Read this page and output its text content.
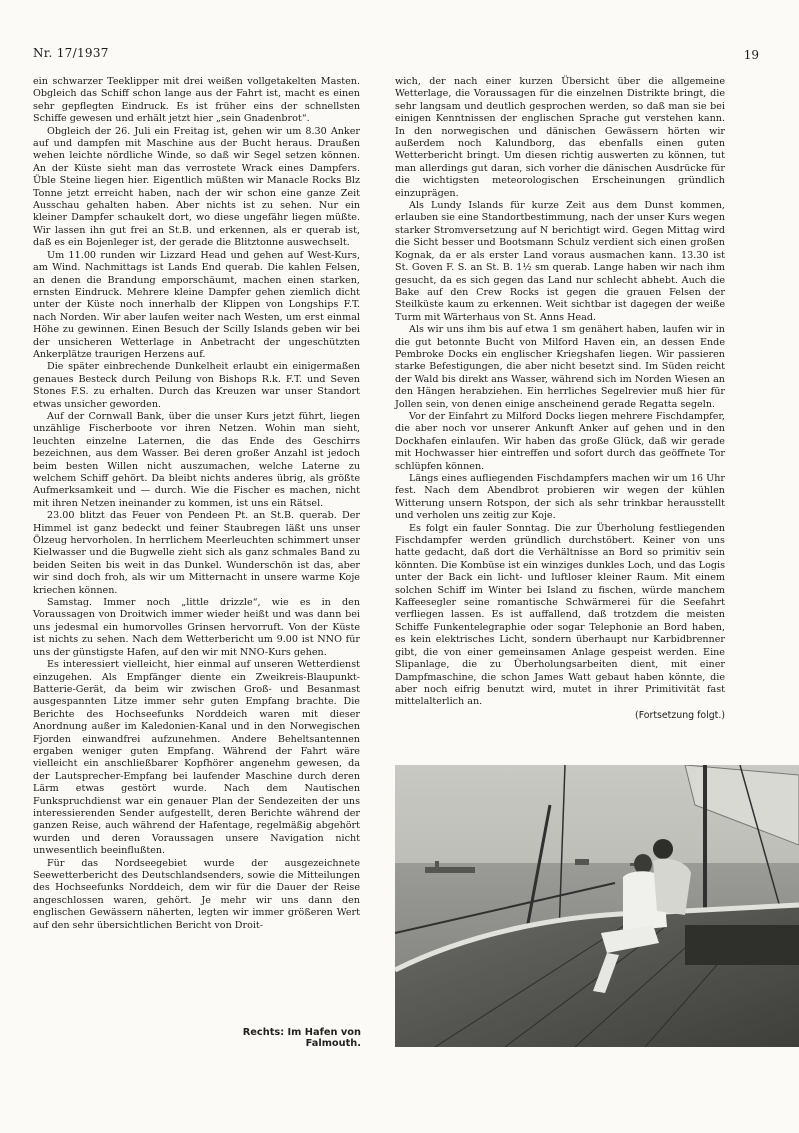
Nr. 17/1937	19

ein schwarzer Teeklipper mit drei weißen vollgetakelten Masten. Obgleich das Schiff schon lange aus der Fahrt ist, macht es einen sehr gepflegten Eindruck. Es ist früher eins der schnellsten Schiffe gewesen und erhält jetzt hier „sein Gnadenbrot“.

Obgleich der 26. Juli ein Freitag ist, gehen wir um 8.30 Anker auf und dampfen mit Maschine aus der Bucht heraus. Draußen wehen leichte nördliche Winde, so daß wir Segel setzen können. An der Küste sieht man das verrostete Wrack eines Dampfers. Üble Steine liegen hier. Eigentlich müßten wir Manacle Rocks Blz Tonne jetzt erreicht haben, nach der wir schon eine ganze Zeit Ausschau gehalten haben. Aber nichts ist zu sehen. Nur ein kleiner Dampfer schaukelt dort, wo diese ungefähr liegen müßte. Wir lassen ihn gut frei an St.B. und erkennen, als er querab ist, daß es ein Bojenleger ist, der gerade die Blitztonne auswechselt.

Um 11.00 runden wir Lizzard Head und gehen auf West-Kurs, am Wind. Nachmittags ist Lands End querab. Die kahlen Felsen, an denen die Brandung emporschäumt, machen einen starken, ernsten Eindruck. Mehrere kleine Dampfer gehen ziemlich dicht unter der Küste noch innerhalb der Klippen von Longships F.T. nach Norden. Wir aber laufen weiter nach Westen, um erst einmal Höhe zu gewinnen. Einen Besuch der Scilly Islands geben wir bei der unsicheren Wetterlage in Anbetracht der ungeschützten Ankerplätze traurigen Herzens auf.

Die später einbrechende Dunkelheit erlaubt ein einigermaßen genaues Besteck durch Peilung von Bishops R.k. F.T. und Seven Stones F.S. zu erhalten. Durch das Kreuzen war unser Standort etwas unsicher geworden.

Auf der Cornwall Bank, über die unser Kurs jetzt führt, liegen unzählige Fischerboote vor ihren Netzen. Wohin man sieht, leuchten einzelne Laternen, die das Ende des Geschirrs bezeichnen, aus dem Wasser. Bei deren großer Anzahl ist jedoch beim besten Willen nicht auszumachen, welche Laterne zu welchem Schiff gehört. Da bleibt nichts anderes übrig, als größte Aufmerksamkeit und — durch. Wie die Fischer es machen, nicht mit ihren Netzen ineinander zu kommen, ist uns ein Rätsel.

23.00 blitzt das Feuer von Pendeen Pt. an St.B. querab. Der Himmel ist ganz bedeckt und feiner Staubregen läßt uns unser Ölzeug hervorholen. In herrlichem Meerleuchten schimmert unser Kielwasser und die Bugwelle zieht sich als ganz schmales Band zu beiden Seiten bis weit in das Dunkel. Wunderschön ist das, aber wir sind doch froh, als wir um Mitternacht in unsere warme Koje kriechen können.

Samstag. Immer noch „little drizzle“, wie es in den Voraussagen von Droitwich immer wieder heißt und was dann bei uns jedesmal ein humorvolles Grinsen hervorruft. Von der Küste ist nichts zu sehen. Nach dem Wetterbericht um 9.00 ist NNO für uns der günstigste Hafen, auf den wir mit NNO-Kurs gehen.

Es interessiert vielleicht, hier einmal auf unseren Wetterdienst einzugehen. Als Empfänger diente ein Zweikreis-Blaupunkt-Batterie-Gerät, da beim wir zwischen Groß- und Besanmast ausgespannten Litze immer sehr guten Empfang brachte. Die Berichte des Hochseefunks Norddeich waren mit dieser Anordnung außer im Kaledonien-Kanal und in den Norwegischen Fjorden einwandfrei aufzunehmen. Andere Beheltsantennen ergaben weniger guten Empfang. Während der Fahrt wäre vielleicht ein anschließbarer Kopfhörer angenehm gewesen, da der Lautsprecher-Empfang bei laufender Maschine durch deren Lärm etwas gestört wurde. Nach dem Nautischen Funkspruchdienst war ein genauer Plan der Sendezeiten der uns interessierenden Sender aufgestellt, deren Berichte während der ganzen Reise, auch während der Hafentage, regelmäßig abgehört wurden und deren Voraussagen unsere Navigation nicht unwesentlich beeinflußten.

Für das Nordseegebiet wurde der ausgezeichnete Seewetterbericht des Deutschlandsenders, sowie die Mitteilungen des Hochseefunks Norddeich, dem wir für die Dauer der Reise angeschlossen waren, gehört. Je mehr wir uns dann den englischen Gewässern näherten, legten wir immer größeren Wert auf den sehr übersichtlichen Bericht von Droit-

wich, der nach einer kurzen Übersicht über die allgemeine Wetterlage, die Voraussagen für die einzelnen Distrikte bringt, die sehr langsam und deutlich gesprochen werden, so daß man sie bei einigen Kenntnissen der englischen Sprache gut verstehen kann. In den norwegischen und dänischen Gewässern hörten wir außerdem noch Kalundborg, das ebenfalls einen guten Wetterbericht bringt. Um diesen richtig auswerten zu können, tut man allerdings gut daran, sich vorher die dänischen Ausdrücke für die wichtigsten meteorologischen Erscheinungen gründlich einzuprägen.

Als Lundy Islands für kurze Zeit aus dem Dunst kommen, erlauben sie eine Standortbestimmung, nach der unser Kurs wegen starker Stromversetzung auf N berichtigt wird. Gegen Mittag wird die Sicht besser und Bootsmann Schulz verdient sich einen großen Kognak, da er als erster Land voraus ausmachen kann. 13.30 ist St. Goven F. S. an St. B. 1½ sm querab. Lange haben wir nach ihm gesucht, da es sich gegen das Land nur schlecht abhebt. Auch die Bake auf den Crew Rocks ist gegen die grauen Felsen der Steilküste kaum zu erkennen. Weit sichtbar ist dagegen der weiße Turm mit Wärterhaus von St. Anns Head.

Als wir uns ihm bis auf etwa 1 sm genähert haben, laufen wir in die gut betonnte Bucht von Milford Haven ein, an dessen Ende Pembroke Docks ein englischer Kriegshafen liegen. Wir passieren starke Befestigungen, die aber nicht besetzt sind. Im Süden reicht der Wald bis direkt ans Wasser, während sich im Norden Wiesen an den Hängen herabziehen. Ein herrliches Segelrevier muß hier für Jollen sein, von denen einige anscheinend gerade Regatta segeln.

Vor der Einfahrt zu Milford Docks liegen mehrere Fischdampfer, die aber noch vor unserer Ankunft Anker auf gehen und in den Dockhafen einlaufen. Wir haben das große Glück, daß wir gerade mit Hochwasser hier eintreffen und sofort durch das geöffnete Tor schlüpfen können.

Längs eines aufliegenden Fischdampfers machen wir um 16 Uhr fest. Nach dem Abendbrot probieren wir wegen der kühlen Witterung unsern Rotspon, der sich als sehr trinkbar herausstellt und verholen uns zeitig zur Koje.

Es folgt ein fauler Sonntag. Die zur Überholung festliegenden Fischdampfer werden gründlich durchstöbert. Keiner von uns hatte gedacht, daß dort die Verhältnisse an Bord so primitiv sein könnten. Die Kombüse ist ein winziges dunkles Loch, und das Logis unter der Back ein licht- und luftloser kleiner Raum. Mit einem solchen Schiff im Winter bei Island zu fischen, würde manchem Kaffeesegler seine romantische Schwärmerei für die Seefahrt verfliegen lassen. Es ist auffallend, daß trotzdem die meisten Schiffe Funkentelegraphie oder sogar Telephonie an Bord haben, es kein elektrisches Licht, sondern überhaupt nur Karbidbrenner gibt, die von einer gemeinsamen Anlage gespeist werden. Eine Slipanlage, die zu Überholungsarbeiten dient, mit einer Dampfmaschine, die schon James Watt gebaut haben könnte, die aber noch eifrig benutzt wird, mutet in ihrer Primitivität fast mittelalterlich an.

(Fortsetzung folgt.)
Rechts: Im Hafen von Falmouth.
